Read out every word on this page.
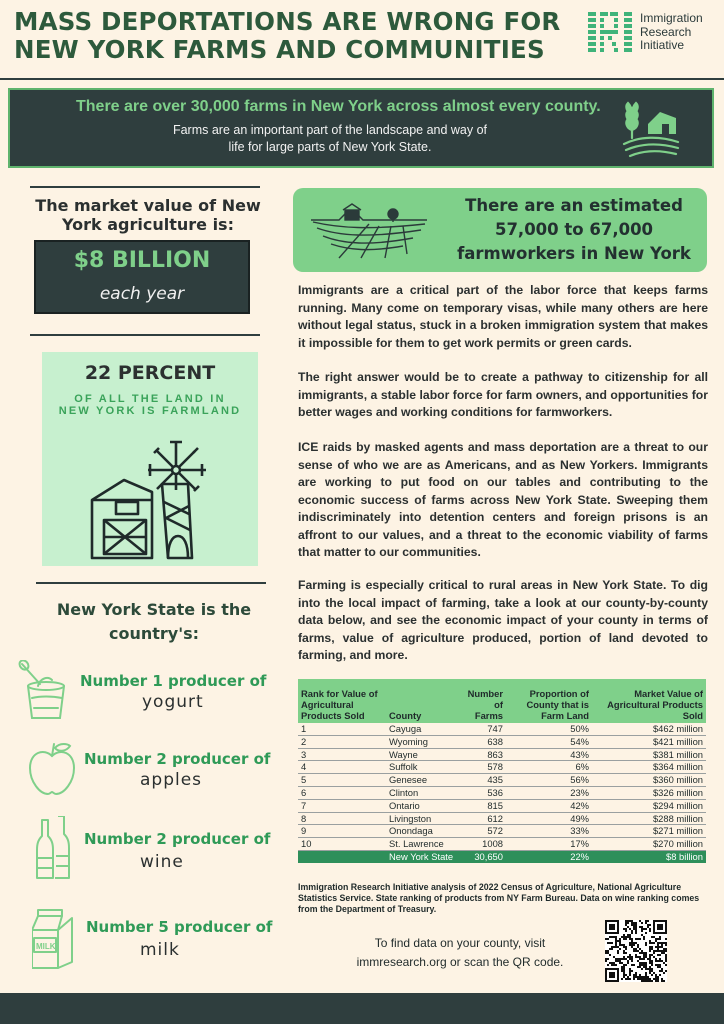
MASS DEPORTATIONS ARE WRONG FOR NEW YORK FARMS AND COMMUNITIES
Immigration
Research
Initiative
There are over 30,000 farms in New York across almost every county.
Farms are an important part of the landscape and way of life for large parts of New York State.
The market value of New York agriculture is:
$8 BILLION
each year
22 PERCENT
OF ALL THE LAND IN NEW YORK IS FARMLAND
New York State is the country's:
Number 1 producer of
yogurt
Number 2 producer of
apples
Number 2 producer of
wine
MILK
Number 5 producer of
milk
There are an estimated
57,000 to 67,000
farmworkers in New York
Immigrants are a critical part of the labor force that keeps farms running. Many come on temporary visas, while many others are here without legal status, stuck in a broken immigration system that makes it impossible for them to get work permits or green cards.
The right answer would be to create a pathway to citizenship for all immigrants, a stable labor force for farm owners, and opportunities for better wages and working conditions for farmworkers.
ICE raids by masked agents and mass deportation are a threat to our sense of who we are as Americans, and as New Yorkers. Immigrants are working to put food on our tables and contributing to the economic success of farms across New York State. Sweeping them indiscriminately into detention centers and foreign prisons is an affront to our values, and a threat to the economic viability of farms that matter to our communities.
Farming is especially critical to rural areas in New York State. To dig into the local impact of farming, take a look at our county-by-county data below, and see the economic impact of your county in terms of farms, value of agriculture produced, portion of land devoted to farming, and more.
Rank for Value of Agricultural Products Sold	County	Number of Farms	Proportion of County that is Farm Land	Market Value of Agricultural Products Sold
1	Cayuga	747	50%	$462 million
2	Wyoming	638	54%	$421 million
3	Wayne	863	43%	$381 million
4	Suffolk	578	6%	$364 million
5	Genesee	435	56%	$360 million
6	Clinton	536	23%	$326 million
7	Ontario	815	42%	$294 million
8	Livingston	612	49%	$288 million
9	Onondaga	572	33%	$271 million
10	St. Lawrence	1008	17%	$270 million
	New York State	30,650	22%	$8 billion
Immigration Research Initiative analysis of 2022 Census of Agriculture, National Agriculture Statistics Service. State ranking of products from NY Farm Bureau. Data on wine ranking comes from the Department of Treasury.
To find data on your county, visit
immresearch.org or scan the QR code.
